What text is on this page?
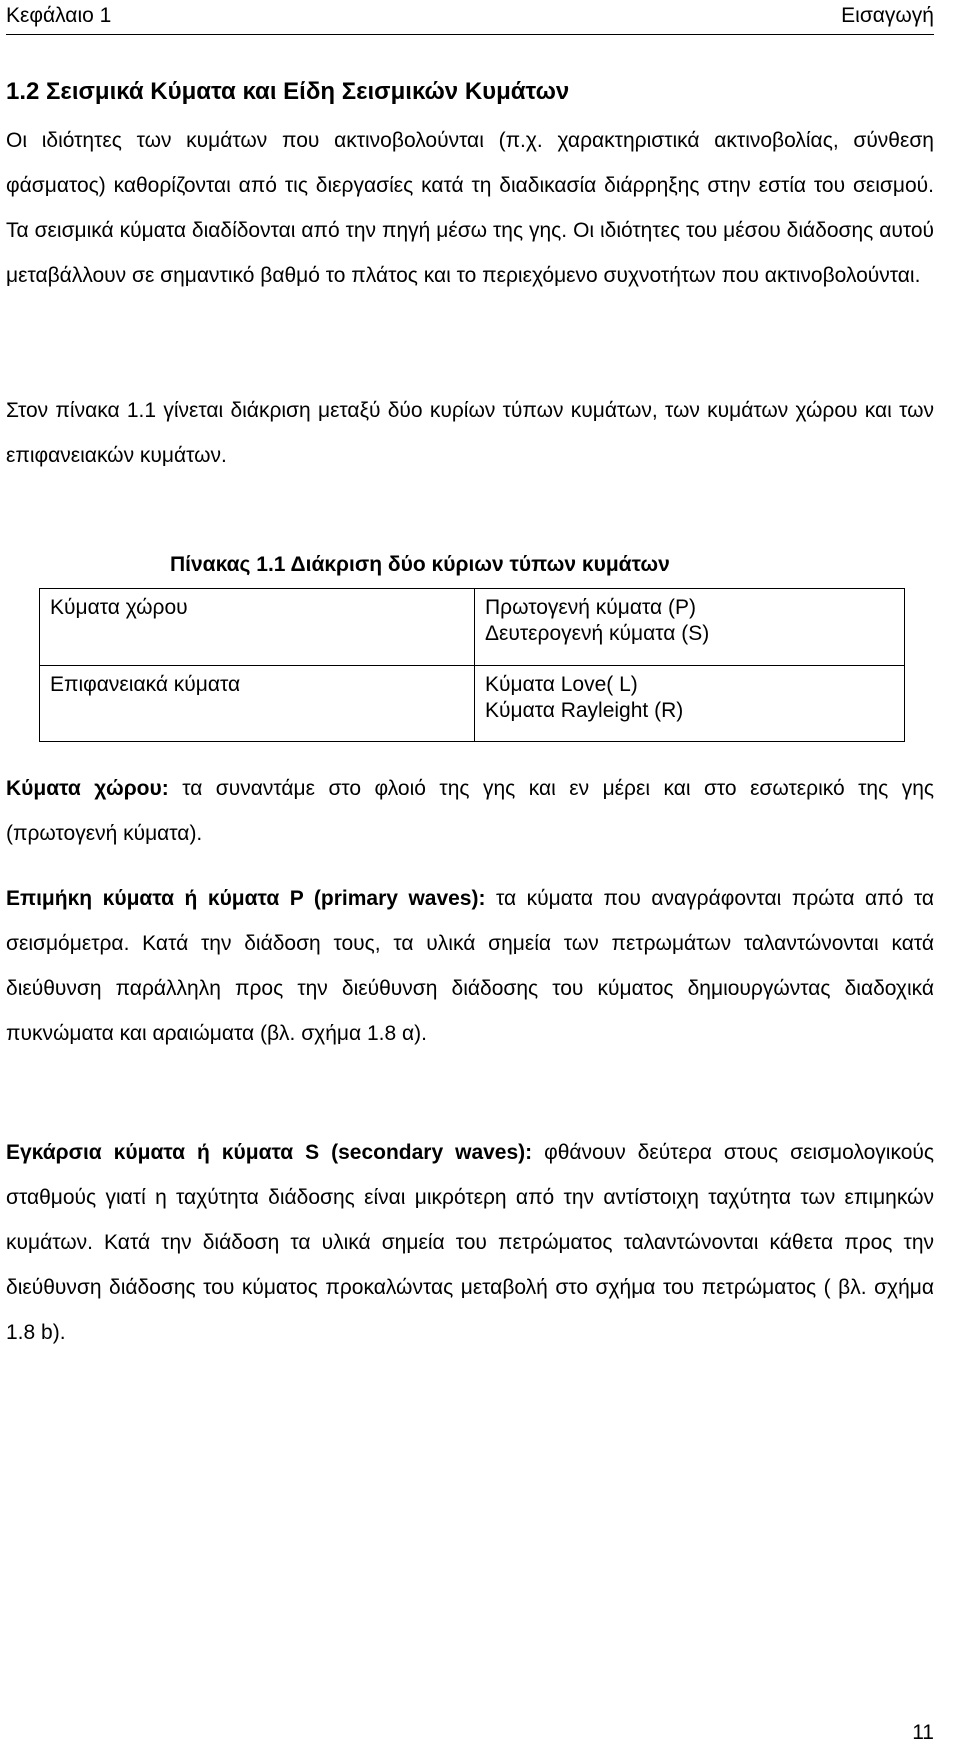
Κεφάλαιο 1	Εισαγωγή
1.2 Σεισμικά Κύματα και Είδη Σεισμικών Κυμάτων

Οι ιδιότητες των κυμάτων που ακτινοβολούνται (π.χ. χαρακτηριστικά ακτινοβολίας, σύνθεση φάσματος) καθορίζονται από τις διεργασίες κατά τη διαδικασία διάρρηξης στην εστία του σεισμού. Τα σεισμικά κύματα διαδίδονται από την πηγή μέσω της γης. Οι ιδιότητες του μέσου διάδοσης αυτού μεταβάλλουν σε σημαντικό βαθμό το πλάτος και το περιεχόμενο συχνοτήτων που ακτινοβολούνται.

Στον πίνακα 1.1 γίνεται διάκριση μεταξύ δύο κυρίων τύπων κυμάτων, των κυμάτων χώρου και των επιφανειακών κυμάτων.

Πίνακας 1.1 Διάκριση δύο κύριων τύπων κυμάτων

Κύματα χώρου	Πρωτογενή κύματα (P)
Δευτερογενή κύματα (S)

Επιφανειακά κύματα	Κύματα Love( L)
Κύματα Rayleight (R)

Κύματα χώρου: τα συναντάμε στο φλοιό της γης και εν μέρει και στο εσωτερικό της γης (πρωτογενή κύματα).

Επιμήκη κύματα ή κύματα P (primary waves): τα κύματα που αναγράφονται πρώτα από τα σεισμόμετρα. Κατά την διάδοση τους, τα υλικά σημεία των πετρωμάτων ταλαντώνονται κατά διεύθυνση παράλληλη προς την διεύθυνση διάδοσης του κύματος δημιουργώντας διαδοχικά πυκνώματα και αραιώματα (βλ. σχήμα 1.8 α).

Εγκάρσια κύματα ή κύματα S (secondary waves): φθάνουν δεύτερα στους σεισμολογικούς σταθμούς γιατί η ταχύτητα διάδοσης είναι μικρότερη από την αντίστοιχη ταχύτητα των επιμηκών κυμάτων. Κατά την διάδοση τα υλικά σημεία του πετρώματος ταλαντώνονται κάθετα προς την διεύθυνση διάδοσης του κύματος προκαλώντας μεταβολή στο σχήμα του πετρώματος ( βλ. σχήμα 1.8 b).

11
